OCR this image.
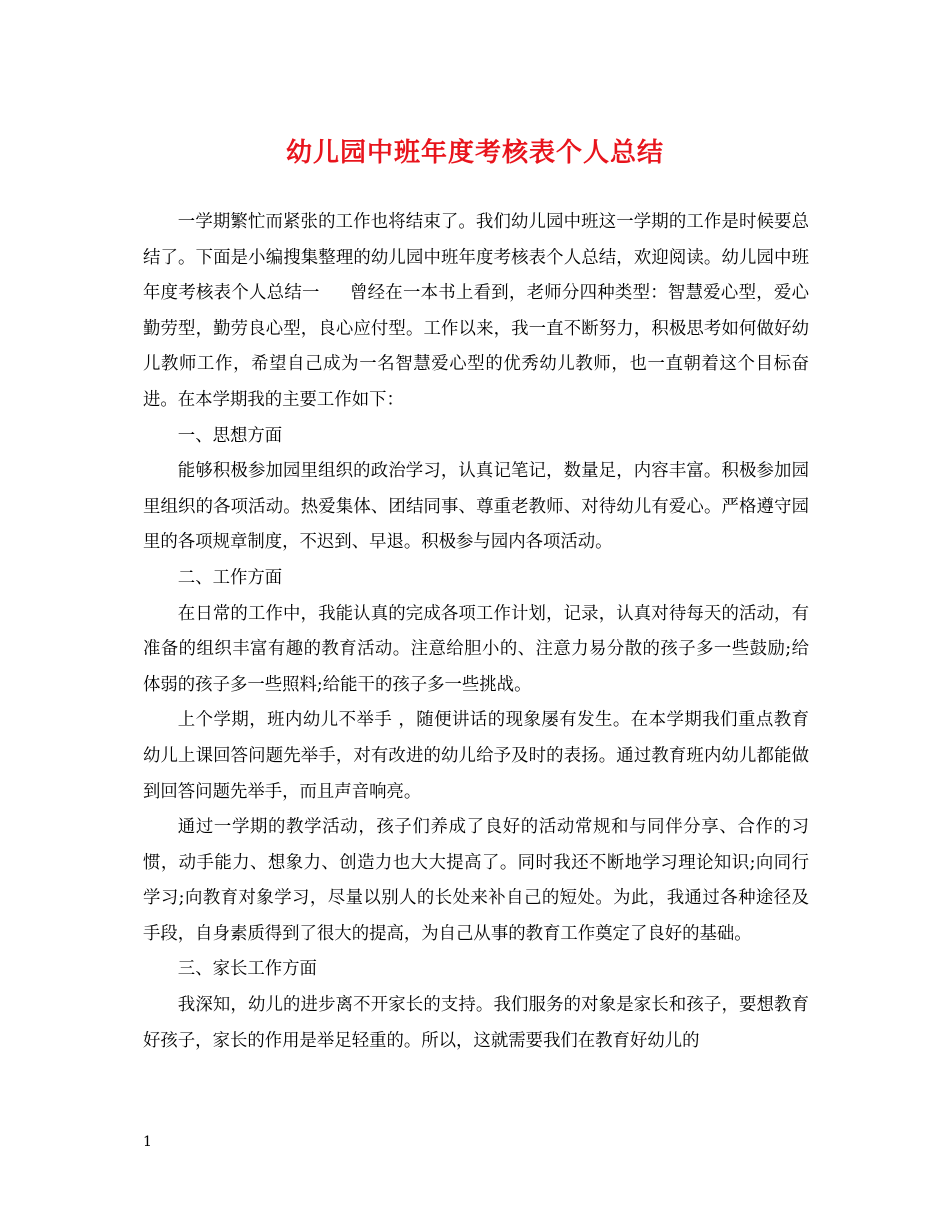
幼儿园中班年度考核表个人总结

一学期繁忙而紧张的工作也将结束了。我们幼儿园中班这一学期的工作是时候要总结了。下面是小编搜集整理的幼儿园中班年度考核表个人总结，欢迎阅读。幼儿园中班年度考核表个人总结一 曾经在一本书上看到，老师分四种类型：智慧爱心型，爱心勤劳型，勤劳良心型，良心应付型。工作以来，我一直不断努力，积极思考如何做好幼儿教师工作，希望自己成为一名智慧爱心型的优秀幼儿教师，也一直朝着这个目标奋进。在本学期我的主要工作如下：

一、思想方面

能够积极参加园里组织的政治学习，认真记笔记，数量足，内容丰富。积极参加园里组织的各项活动。热爱集体、团结同事、尊重老教师、对待幼儿有爱心。严格遵守园里的各项规章制度，不迟到、早退。积极参与园内各项活动。

二、工作方面

在日常的工作中，我能认真的完成各项工作计划，记录，认真对待每天的活动，有准备的组织丰富有趣的教育活动。注意给胆小的、注意力易分散的孩子多一些鼓励;给体弱的孩子多一些照料;给能干的孩子多一些挑战。

上个学期，班内幼儿不举手 ，随便讲话的现象屡有发生。在本学期我们重点教育幼儿上课回答问题先举手，对有改进的幼儿给予及时的表扬。通过教育班内幼儿都能做到回答问题先举手，而且声音响亮。

通过一学期的教学活动，孩子们养成了良好的活动常规和与同伴分享、合作的习惯，动手能力、想象力、创造力也大大提高了。同时我还不断地学习理论知识;向同行学习;向教育对象学习，尽量以别人的长处来补自己的短处。为此，我通过各种途径及手段，自身素质得到了很大的提高，为自己从事的教育工作奠定了良好的基础。

三、家长工作方面

我深知，幼儿的进步离不开家长的支持。我们服务的对象是家长和孩子，要想教育好孩子，家长的作用是举足轻重的。所以，这就需要我们在教育好幼儿的

1
